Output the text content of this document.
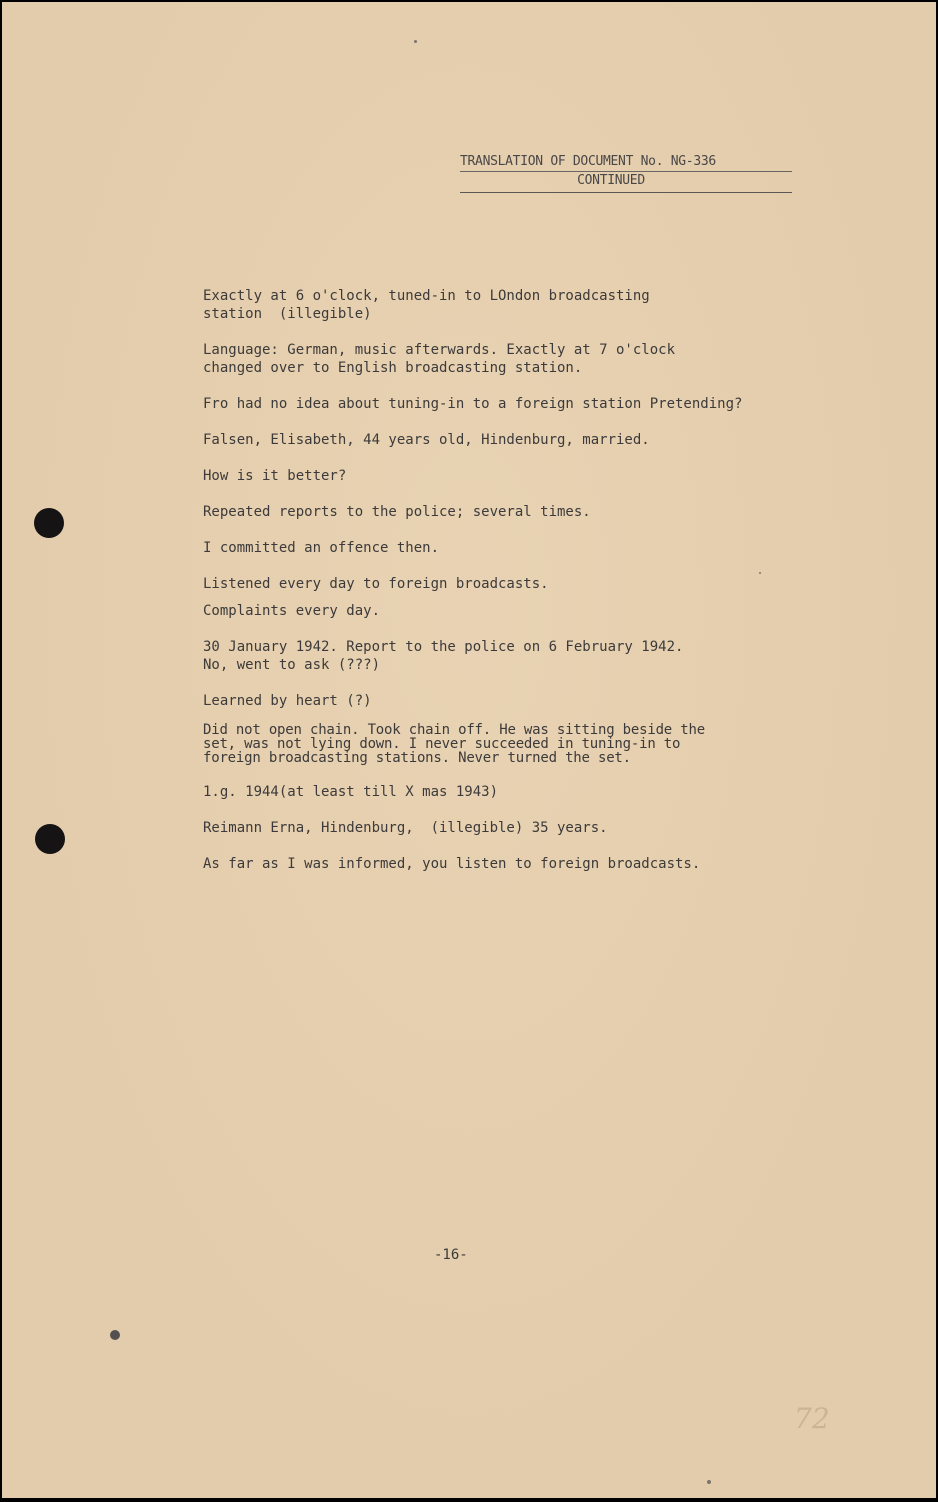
TRANSLATION OF DOCUMENT No. NG-336
CONTINUED

Exactly at 6 o'clock, tuned-in to LOndon broadcasting
station  (illegible)

Language: German, music afterwards. Exactly at 7 o'clock
changed over to English broadcasting station.

Fro had no idea about tuning-in to a foreign station Pretending?

Falsen, Elisabeth, 44 years old, Hindenburg, married.

How is it better?

Repeated reports to the police; several times.

I committed an offence then.

Listened every day to foreign broadcasts.

Complaints every day.

30 January 1942. Report to the police on 6 February 1942.
No, went to ask (???)

Learned by heart (?)

Did not open chain. Took chain off. He was sitting beside the
set, was not lying down. I never succeeded in tuning-in to
foreign broadcasting stations. Never turned the set.

1.g. 1944(at least till X mas 1943)

Reimann Erna, Hindenburg,  (illegible) 35 years.

As far as I was informed, you listen to foreign broadcasts.

-16-
72
